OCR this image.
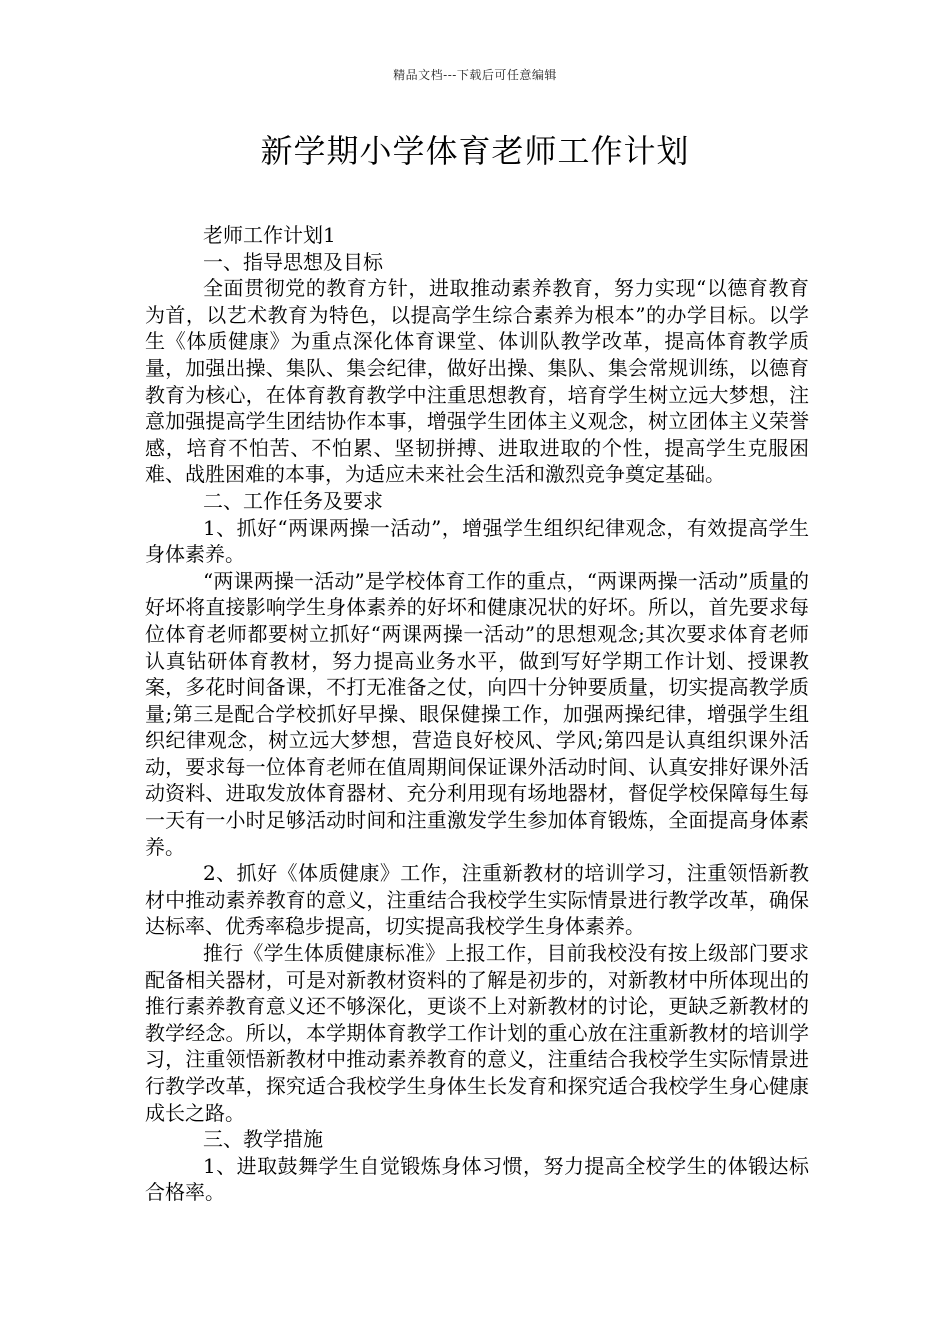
精品文档---下载后可任意编辑
新学期小学体育老师工作计划

老师工作计划1

一、指导思想及目标

全面贯彻党的教育方针，进取推动素养教育，努力实现“以德育教育为首，以艺术教育为特色，以提高学生综合素养为根本”的办学目标。以学生《体质健康》为重点深化体育课堂、体训队教学改革，提高体育教学质量，加强出操、集队、集会纪律，做好出操、集队、集会常规训练，以德育教育为核心，在体育教育教学中注重思想教育，培育学生树立远大梦想，注意加强提高学生团结协作本事，增强学生团体主义观念，树立团体主义荣誉感，培育不怕苦、不怕累、坚韧拼搏、进取进取的个性，提高学生克服困难、战胜困难的本事，为适应未来社会生活和激烈竞争奠定基础。

二、工作任务及要求

1、抓好“两课两操一活动”，增强学生组织纪律观念，有效提高学生身体素养。

“两课两操一活动”是学校体育工作的重点，“两课两操一活动”质量的好坏将直接影响学生身体素养的好坏和健康况状的好坏。所以，首先要求每位体育老师都要树立抓好“两课两操一活动”的思想观念;其次要求体育老师认真钻研体育教材，努力提高业务水平，做到写好学期工作计划、授课教案，多花时间备课，不打无准备之仗，向四十分钟要质量，切实提高教学质量;第三是配合学校抓好早操、眼保健操工作，加强两操纪律，增强学生组织纪律观念，树立远大梦想，营造良好校风、学风;第四是认真组织课外活动，要求每一位体育老师在值周期间保证课外活动时间、认真安排好课外活动资料、进取发放体育器材、充分利用现有场地器材，督促学校保障每生每一天有一小时足够活动时间和注重激发学生参加体育锻炼，全面提高身体素养。

2、抓好《体质健康》工作，注重新教材的培训学习，注重领悟新教材中推动素养教育的意义，注重结合我校学生实际情景进行教学改革，确保达标率、优秀率稳步提高，切实提高我校学生身体素养。

推行《学生体质健康标准》上报工作，目前我校没有按上级部门要求配备相关器材，可是对新教材资料的了解是初步的，对新教材中所体现出的推行素养教育意义还不够深化，更谈不上对新教材的讨论，更缺乏新教材的教学经念。所以，本学期体育教学工作计划的重心放在注重新教材的培训学习，注重领悟新教材中推动素养教育的意义，注重结合我校学生实际情景进行教学改革，探究适合我校学生身体生长发育和探究适合我校学生身心健康成长之路。

三、教学措施

1、进取鼓舞学生自觉锻炼身体习惯，努力提高全校学生的体锻达标合格率。
